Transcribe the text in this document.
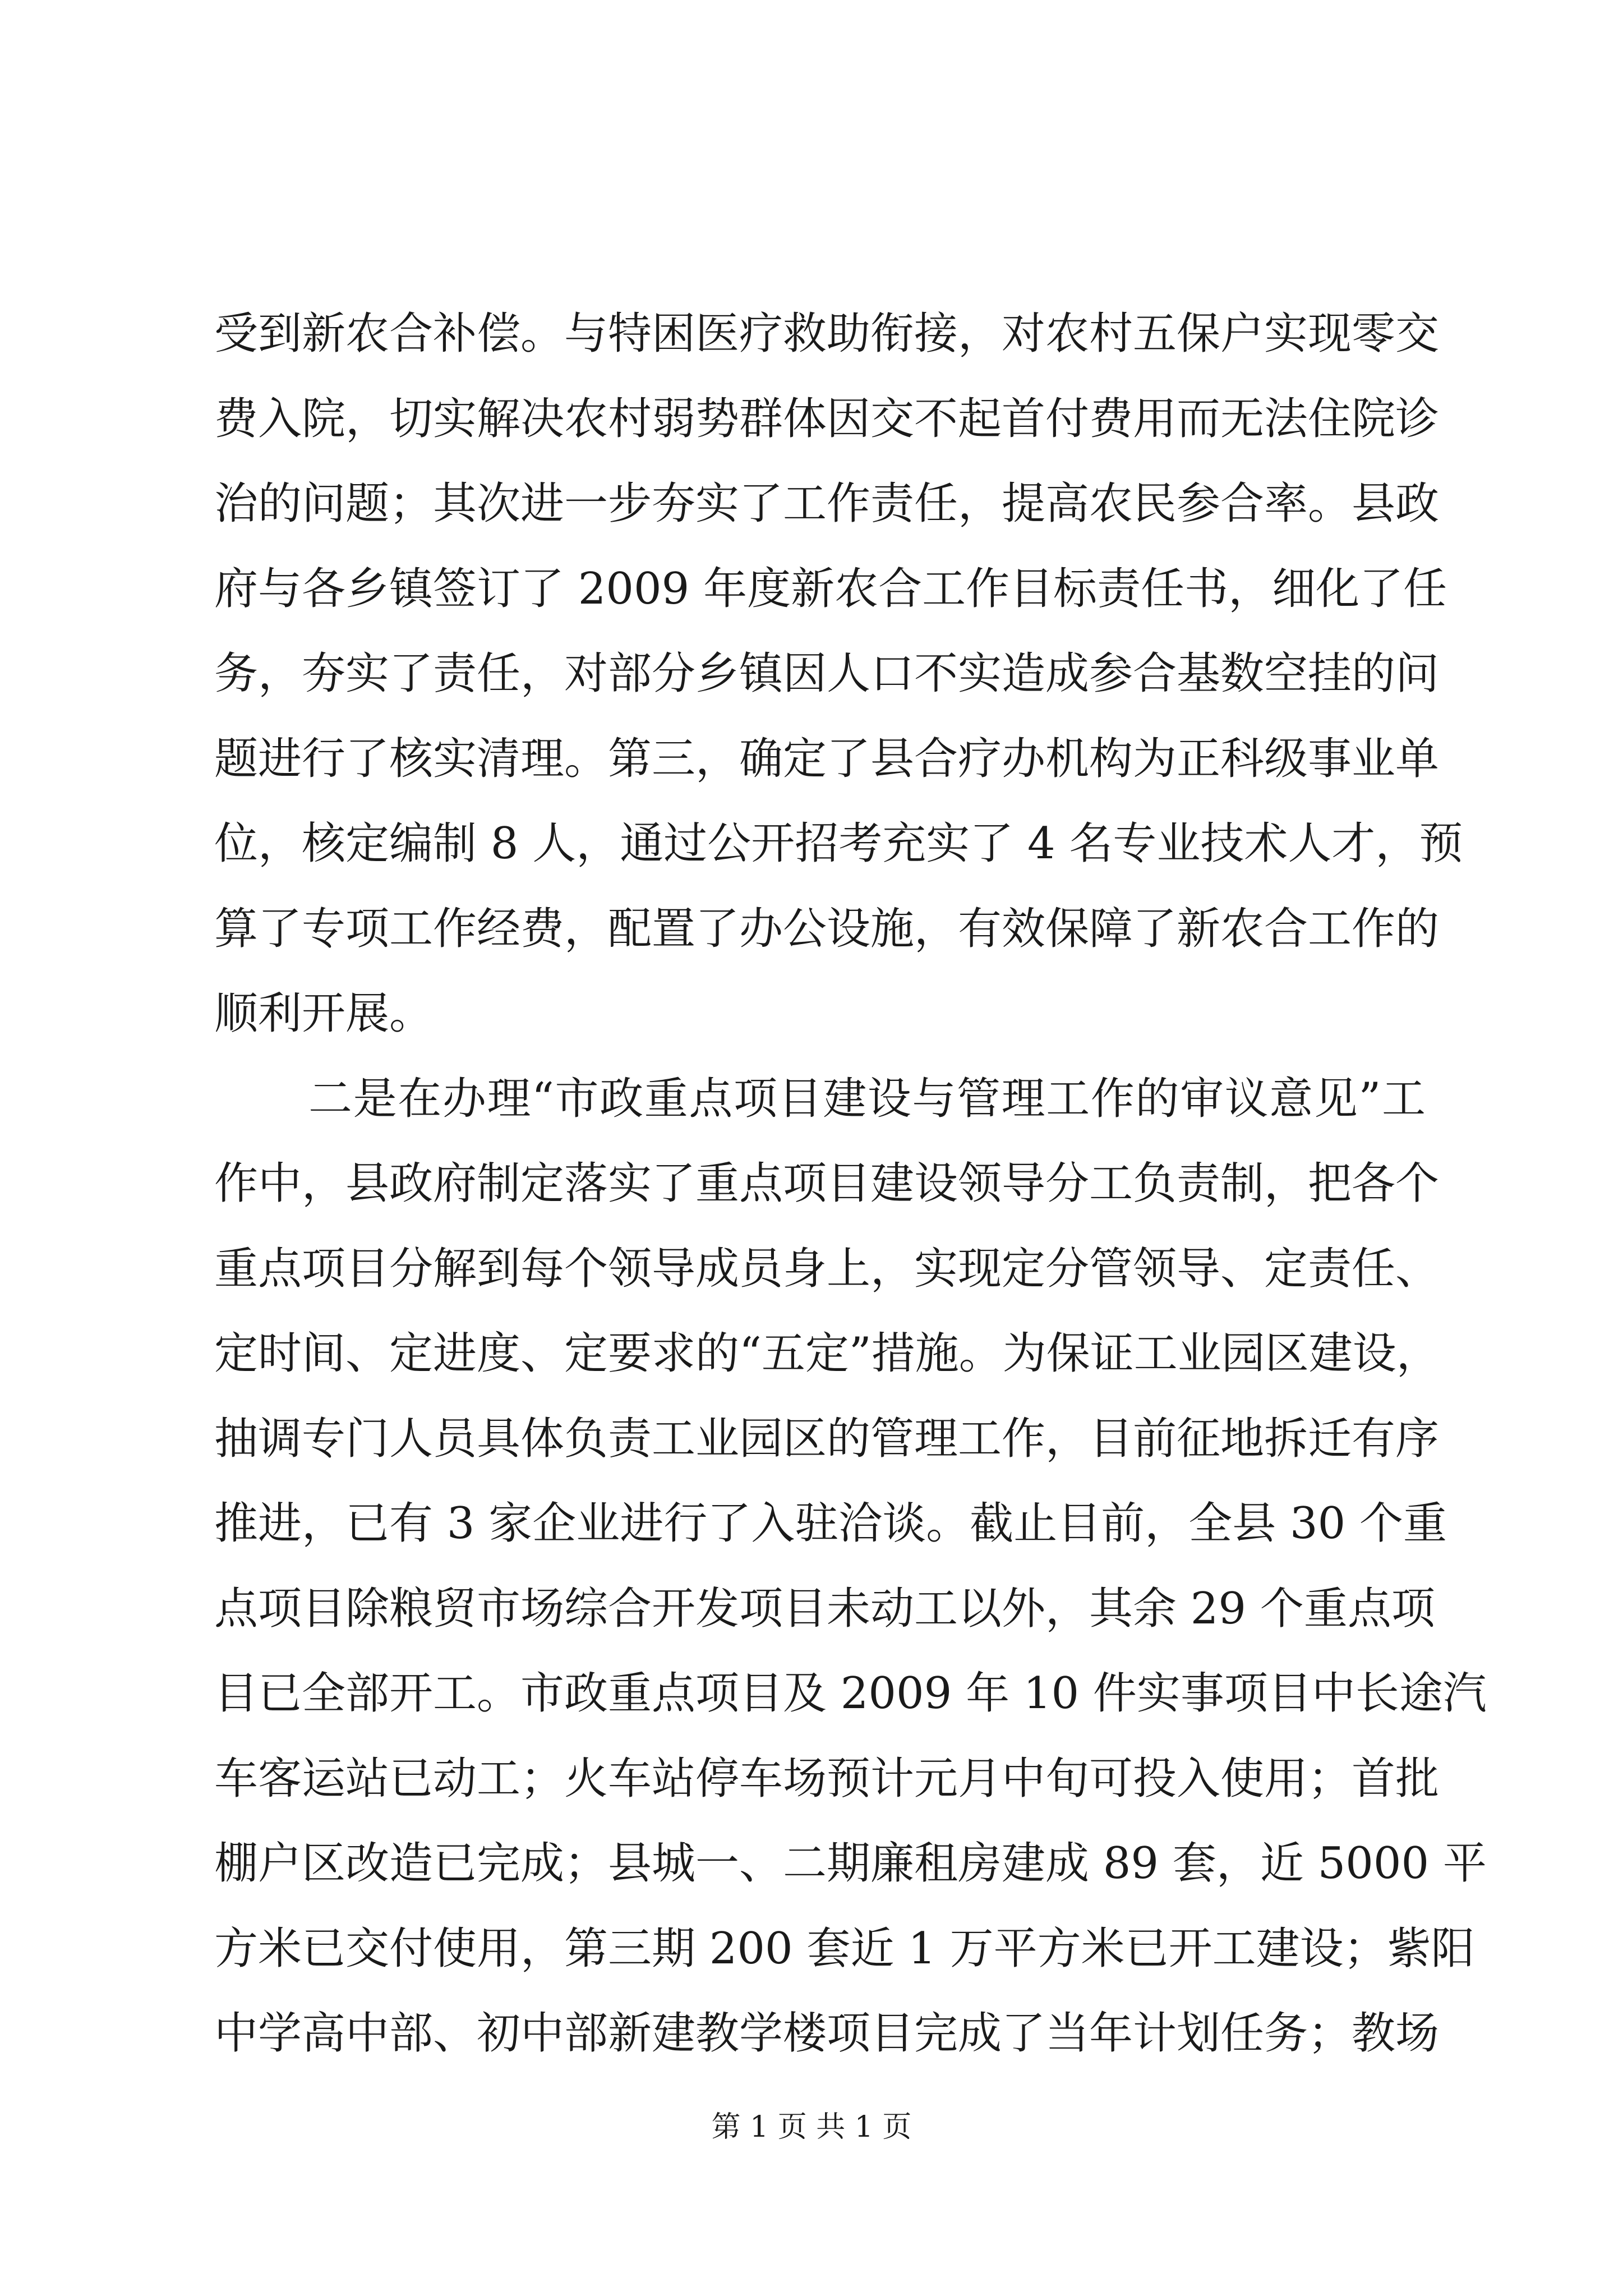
受到新农合补偿。与特困医疗救助衔接，对农村五保户实现零交
费入院，切实解决农村弱势群体因交不起首付费用而无法住院诊
治的问题；其次进一步夯实了工作责任，提高农民参合率。县政
府与各乡镇签订了 2009 年度新农合工作目标责任书，细化了任
务，夯实了责任，对部分乡镇因人口不实造成参合基数空挂的问
题进行了核实清理。第三，确定了县合疗办机构为正科级事业单
位，核定编制 8 人，通过公开招考充实了 4 名专业技术人才，预
算了专项工作经费，配置了办公设施，有效保障了新农合工作的
顺利开展。
二是在办理“市政重点项目建设与管理工作的审议意见”工
作中，县政府制定落实了重点项目建设领导分工负责制，把各个
重点项目分解到每个领导成员身上，实现定分管领导、定责任、
定时间、定进度、定要求的“五定”措施。为保证工业园区建设，
抽调专门人员具体负责工业园区的管理工作，目前征地拆迁有序
推进，已有 3 家企业进行了入驻洽谈。截止目前，全县 30 个重
点项目除粮贸市场综合开发项目未动工以外，其余 29 个重点项
目已全部开工。市政重点项目及 2009 年 10 件实事项目中长途汽
车客运站已动工；火车站停车场预计元月中旬可投入使用；首批
棚户区改造已完成；县城一、二期廉租房建成 89 套，近 5000 平
方米已交付使用，第三期 200 套近 1 万平方米已开工建设；紫阳
中学高中部、初中部新建教学楼项目完成了当年计划任务；教场
第 1 页 共 1 页
